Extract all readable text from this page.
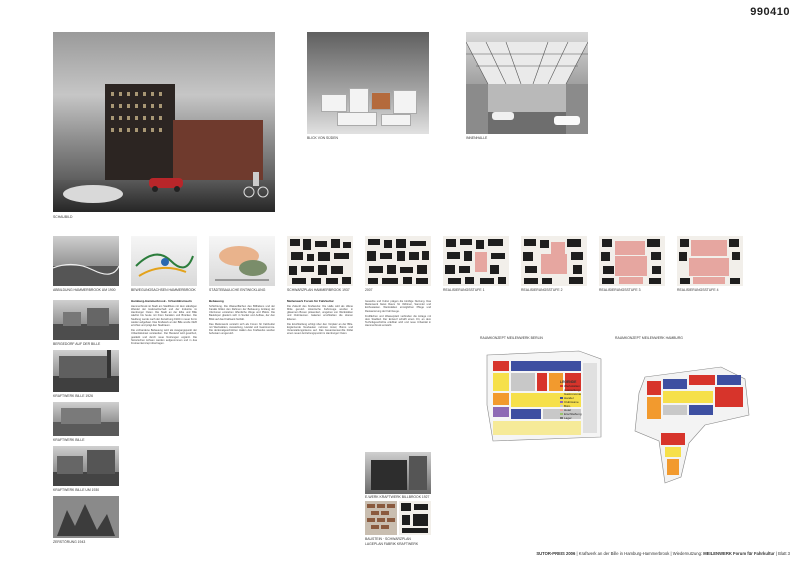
990410
SCHAUBILD
BLICK VON SÜDEN	INNENHALLE
ABBILDUNG HAMMERBROOK UM 1900	BEWEGUNGSACHSEN HAMMERBROOK	STÄDTEBAULICHE ENTWICKLUNG	SCHWARZPLAN HAMMERBROOK 1937	2007	REALISIERUNGSSTUFE 1	REALISIERUNGSSTUFE 2	REALISIERUNGSSTUFE 3	REALISIERUNGSSTUFE 4
BERGEDORF AUF DER BILLE
KRAFTWERK BILLE 1926
KRAFTWERK BILLE
KRAFTWERK BILLE UM 1930
ZERSTÖRUNG 1943
Hamburg-Hammerbrook · Urbanitätsinseln

Hammerbrook ist Stadt am Stadtfluss mit dem ständigen Wandel der Hafenwirtschaft und der Industrie im Hamburger Osten. Die Stadt an der Elbe und Bille wächst bis heute mit ihren Kanälen und Brücken. Die Siedlung wurde nach der Zerstörung 1943 in neuer Form wieder aufgebaut. Das Kraftwerk an der Bille wurde 1926 errichtet und prägt den Stadtraum.

Die vorhandene Bebauung wird als Ausgangspunkt der Urbanitätsinsel verstanden. Der Bestand wird gesichert, gestärkt und durch neue Nutzungen ergänzt. Die historischen Achsen werden aufgenommen und in das Freiraumkonzept übertragen.

Bebauung

Schichtung. Die Wasserflächen des Billhafens und der Kanäle bilden den Rahmen der Bebauung. Entlang der Uferzonen entstehen öffentliche Wege und Plätze. Die Baukörper gliedern sich in Sockel und Aufbau, der den Blick auf das Kraftwerk freihält.

Das Meilenwerk versteht sich als Forum für Fahrkultur mit Werkstätten, Ausstellung, Handel und Gastronomie. Die denkmalgeschützten Hallen des Kraftwerks werden behutsam umgenutzt.

Meilenwerk Forum für Fahrkultur

Die Zukunft des Kraftwerks: Die Halle wird als offene Mitte genutzt. Historische Fahrzeuge werden in gläsernen Boxen präsentiert, umgeben von Werkstätten und Clubräumen. Galerien erschließen die oberen Ebenen.

Die Erschließung erfolgt über den Vorplatz an der Bille. Ergänzende Neubauten nehmen Hotel, Büros und Veranstaltungsräume auf. Das Gesamtensemble bildet einen neuen Anziehungspunkt im Hamburger Osten.

Gewerbe und Kultur prägen die künftige Nutzung. Das Meilenwerk bietet Raum für Oldtimer, Sammler und Enthusiasten. Werkstätten ermöglichen Pflege und Restaurierung der Fahrzeuge.

Freiflächen und Wasserplatz verbinden die Anlage mit dem Stadtteil. Der Entwurf schafft einen Ort, an dem Technikgeschichte erlebbar wird und neue Urbanität in Hammerbrook entsteht.

E-WERK KRAFTWERK BILLBROOK 1927
BAUSTEIN · SCHWARZPLAN
LAGEPLAN FABRIK KRAFTWERK
RAUMKONZEPT MEILENWERK BERLIN
LEGENDE
Werkstätten
Ausstellung
Gastronomie
Handel
Clubräume
Büro
Hotel
Erschließung
Lager
RAUMKONZEPT MEILENWERK HAMBURG
SUTOR-PREIS 2006 | Kraftwerk an der Bille in Hamburg-Hammerbrook | Wiedernutzung: MEILENWERK Forum für Fahrkultur | Blatt 3
